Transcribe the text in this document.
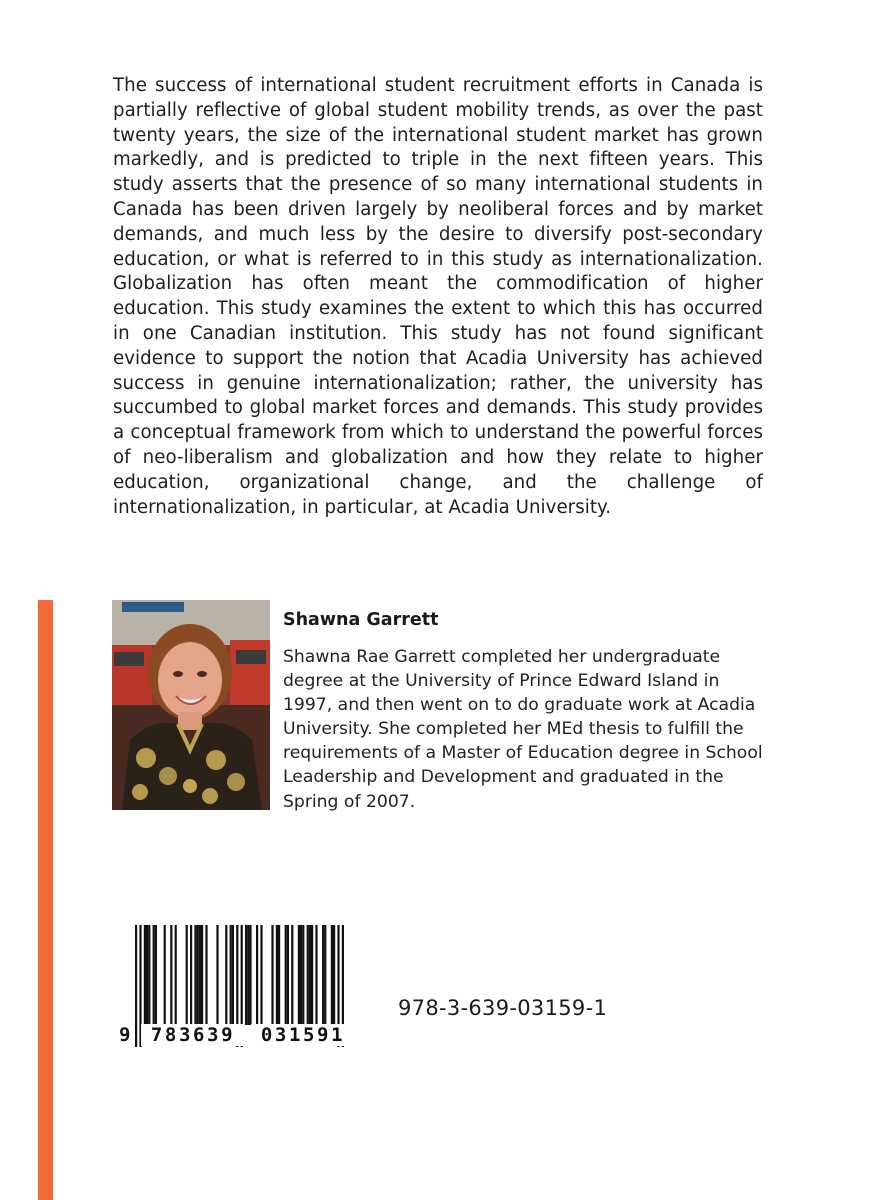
The success of international student recruitment efforts in Canada is partially reflective of global student mobility trends, as over the past twenty years, the size of the international student market has grown markedly, and is predicted to triple in the next fifteen years. This study asserts that the presence of so many international students in Canada has been driven largely by neoliberal forces and by market demands, and much less by the desire to diversify post-secondary education, or what is referred to in this study as internationalization. Globalization has often meant the commodification of higher education. This study examines the extent to which this has occurred in one Canadian institution. This study has not found significant evidence to support the notion that Acadia University has achieved success in genuine internationalization; rather, the university has succumbed to global market forces and demands. This study provides a conceptual framework from which to understand the powerful forces of neo-liberalism and globalization and how they relate to higher education, organizational change, and the challenge of internationalization, in particular, at Acadia University.

Shawna Garrett

Shawna Rae Garrett completed her undergraduate degree at the University of Prince Edward Island in 1997, and then went on to do graduate work at Acadia University. She completed her MEd thesis to fulfill the requirements of a Master of Education degree in School Leadership and Development and graduated in the Spring of 2007.

9	783639	031591

978-3-639-03159-1
